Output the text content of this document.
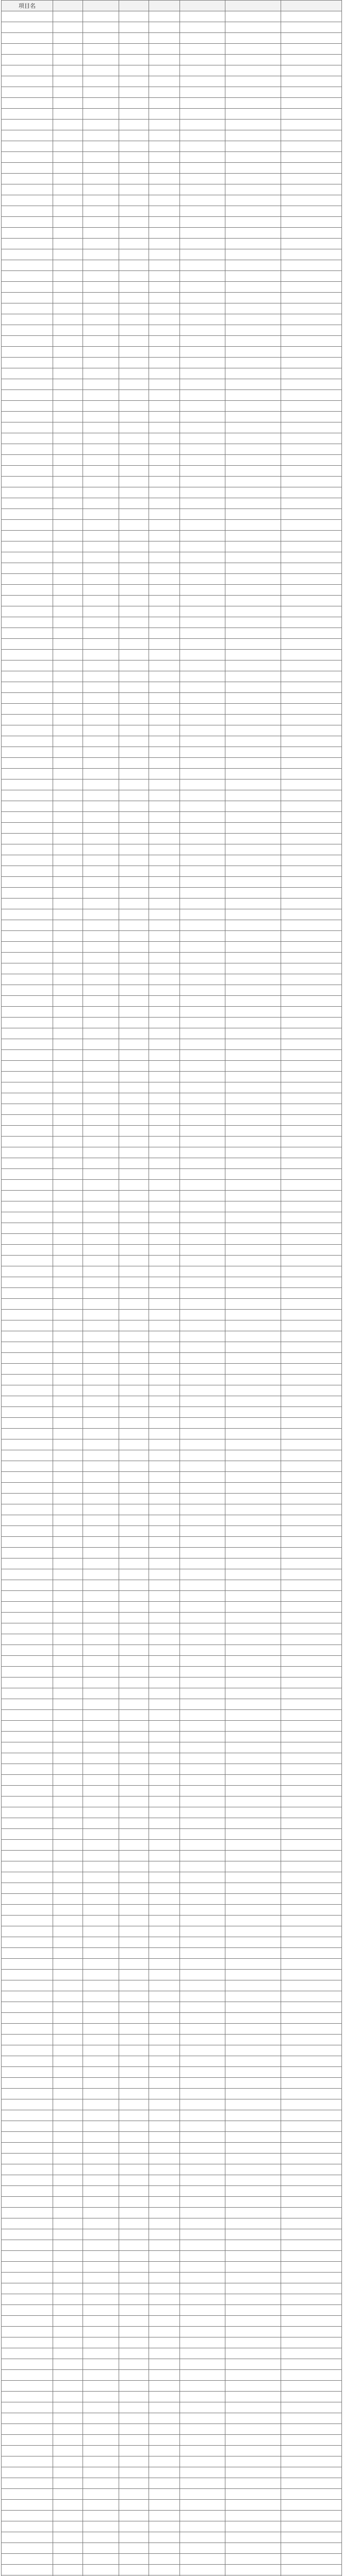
项目名							
